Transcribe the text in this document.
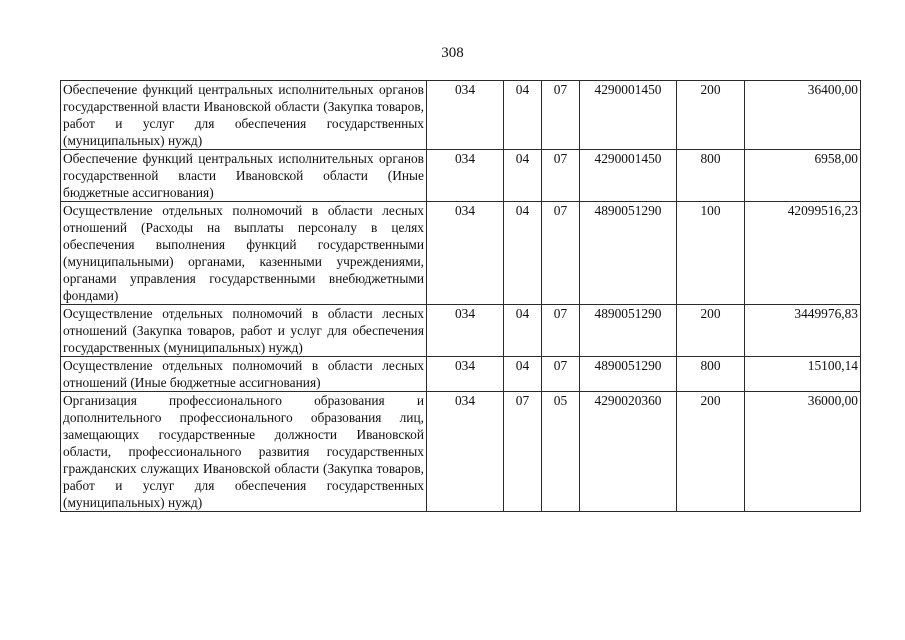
308
Обеспечение функций центральных исполнительных органов государственной власти Ивановской области (Закупка товаров, работ и услуг для обеспечения государственных (муниципальных) нужд)	034	04	07	4290001450	200	36400,00
Обеспечение функций центральных исполнительных органов государственной власти Ивановской области (Иные бюджетные ассигнования)	034	04	07	4290001450	800	6958,00
Осуществление отдельных полномочий в области лесных отношений (Расходы на выплаты персоналу в целях обеспечения выполнения функций государственными (муниципальными) органами, казенными учреждениями, органами управления государственными внебюджетными фондами)	034	04	07	4890051290	100	42099516,23
Осуществление отдельных полномочий в области лесных отношений (Закупка товаров, работ и услуг для обеспечения государственных (муниципальных) нужд)	034	04	07	4890051290	200	3449976,83
Осуществление отдельных полномочий в области лесных отношений (Иные бюджетные ассигнования)	034	04	07	4890051290	800	15100,14
Организация профессионального образования и дополнительного профессионального образования лиц, замещающих государственные должности Ивановской области, профессионального развития государственных гражданских служащих Ивановской области (Закупка товаров, работ и услуг для обеспечения государственных (муниципальных) нужд)	034	07	05	4290020360	200	36000,00
